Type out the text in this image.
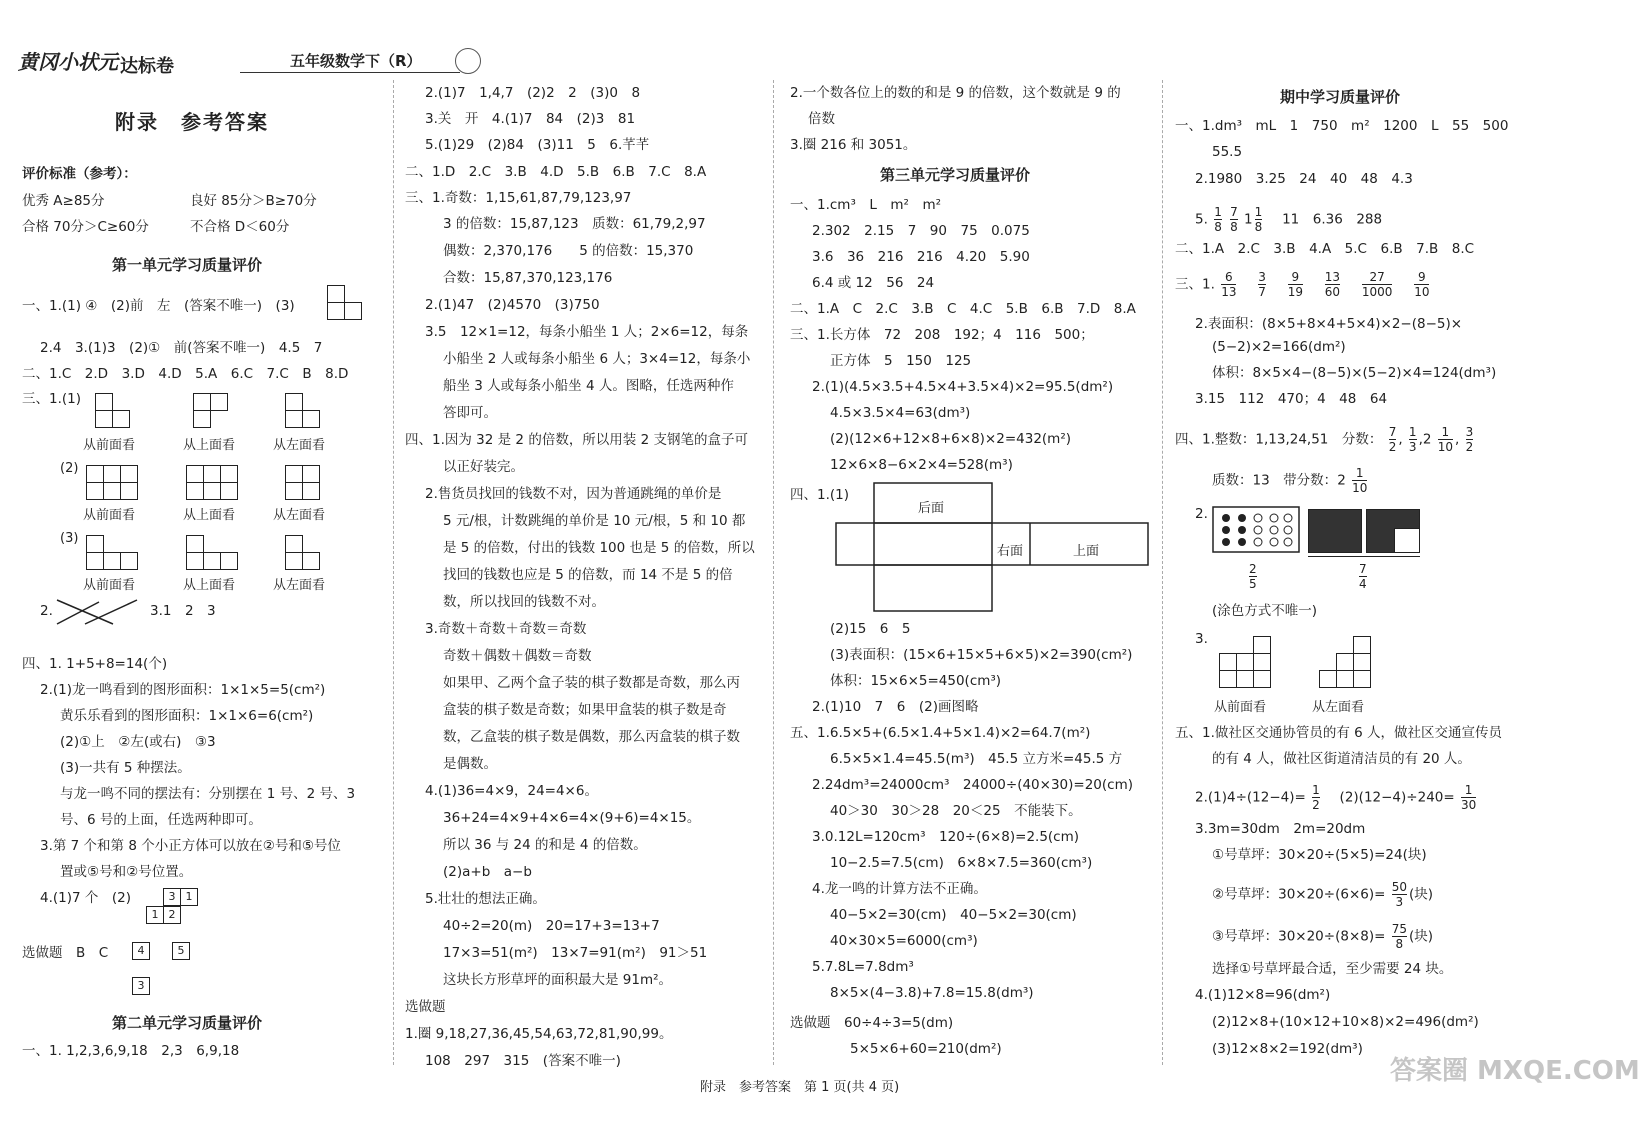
黄冈小状元 达标卷	五年级数学下（R）
附录　参考答案
评价标准（参考）：
优秀 A≥85分	良好 85分＞B≥70分
合格 70分＞C≥60分	不合格 D＜60分
第一单元学习质量评价
一、1.(1) ④　(2)前　左　(答案不唯一)　(3)
2.4　3.(1)3　(2)①　前(答案不唯一)　4.5　7
二、1.C　2.D　3.D　4.D　5.A　6.C　7.C　B　8.D
三、1.(1)
从前面看	从上面看	从左面看
(2)
从前面看	从上面看	从左面看
(3)
从前面看	从上面看	从左面看
2.	3.1　2　3
四、1. 1+5+8=14(个)
2.(1)龙一鸣看到的图形面积：1×1×5=5(cm²)
黄乐乐看到的图形面积：1×1×6=6(cm²)
(2)①上　②左(或右)　③3
(3)一共有 5 种摆法。
与龙一鸣不同的摆法有：分别摆在 1 号、2 号、3
号、6 号的上面，任选两种即可。
3.第 7 个和第 8 个小正方体可以放在②号和⑤号位
置或⑤号和②号位置。
4.(1)7 个　(2)	3 1
1 2
选做题　B　C	4	5
3
第二单元学习质量评价
一、1. 1,2,3,6,9,18　2,3　6,9,18
2.(1)7　1,4,7　(2)2　2　(3)0　8
3.关　开　4.(1)7　84　(2)3　81
5.(1)29　(2)84　(3)11　5　6.芊芊
二、1.D　2.C　3.B　4.D　5.B　6.B　7.C　8.A
三、1.奇数：1,15,61,87,79,123,97
3 的倍数：15,87,123　质数：61,79,2,97
偶数：2,370,176　　5 的倍数：15,370
合数：15,87,370,123,176
2.(1)47　(2)4570　(3)750
3.5　12×1=12，每条小船坐 1 人；2×6=12，每条
小船坐 2 人或每条小船坐 6 人；3×4=12，每条小
船坐 3 人或每条小船坐 4 人。图略，任选两种作
答即可。
四、1.因为 32 是 2 的倍数，所以用装 2 支钢笔的盒子可
以正好装完。
2.售货员找回的钱数不对，因为普通跳绳的单价是
5 元/根，计数跳绳的单价是 10 元/根，5 和 10 都
是 5 的倍数，付出的钱数 100 也是 5 的倍数，所以
找回的钱数也应是 5 的倍数，而 14 不是 5 的倍
数，所以找回的钱数不对。
3.奇数＋奇数＋奇数＝奇数
奇数＋偶数＋偶数＝奇数
如果甲、乙两个盒子装的棋子数都是奇数，那么丙
盒装的棋子数是奇数；如果甲盒装的棋子数是奇
数，乙盒装的棋子数是偶数，那么丙盒装的棋子数
是偶数。
4.(1)36=4×9，24=4×6。
36+24=4×9+4×6=4×(9+6)=4×15。
所以 36 与 24 的和是 4 的倍数。
(2)a+b　a−b
5.壮壮的想法正确。
40÷2=20(m)　20=17+3=13+7
17×3=51(m²)　13×7=91(m²)　91＞51
这块长方形草坪的面积最大是 91m²。
选做题
1.圈 9,18,27,36,45,54,63,72,81,90,99。
108　297　315　(答案不唯一)
2.一个数各位上的数的和是 9 的倍数，这个数就是 9 的
倍数
3.圈 216 和 3051。
第三单元学习质量评价
一、1.cm³　L　m²　m²
2.302　2.15　7　90　75　0.075
3.6　36　216　216　4.20　5.90
6.4 或 12　56　24
二、1.A　C　2.C　3.B　C　4.C　5.B　6.B　7.D　8.A
三、1.长方体　72　208　192；4　116　500；
正方体　5　150　125
2.(1)(4.5×3.5+4.5×4+3.5×4)×2=95.5(dm²)
4.5×3.5×4=63(dm³)
(2)(12×6+12×8+6×8)×2=432(m²)
12×6×8−6×2×4=528(m³)
四、1.(1)
后面
右面	上面
(2)15　6　5
(3)表面积：(15×6+15×5+6×5)×2=390(cm²)
体积：15×6×5=450(cm³)
2.(1)10　7　6　(2)画图略
五、1.6.5×5+(6.5×1.4+5×1.4)×2=64.7(m²)
6.5×5×1.4=45.5(m³)　45.5 立方米=45.5 方
2.24dm³=24000cm³　24000÷(40×30)=20(cm)
40＞30　30＞28　20＜25　不能装下。
3.0.12L=120cm³　120÷(6×8)=2.5(cm)
10−2.5=7.5(cm)　6×8×7.5=360(cm³)
4.龙一鸣的计算方法不正确。
40−5×2=30(cm)　40−5×2=30(cm)
40×30×5=6000(cm³)
5.7.8L=7.8dm³
8×5×(4−3.8)+7.8=15.8(dm³)
选做题　60÷4÷3=5(dm)
5×5×6+60=210(dm²)
期中学习质量评价
一、1.dm³　mL　1　750　m²　1200　L　55　500
55.5
2.1980　3.25　24　40　48　4.3
5. $\frac{1}{8}$
$\frac{7}{8} 1 \frac{1}{8}$ 　11　6.36　288
二、1.A　2.C　3.B　4.A　5.C　6.B　7.B　8.C
三、1. $\frac{6}{13}$
　 $\frac{3}{7}$
　 $\frac{9}{19}$
　 $\frac{13}{60}$
　 $\frac{27}{1000}$
　 $\frac{9}{10}$
2.表面积：(8×5+8×4+5×4)×2−(8−5)×
(5−2)×2=166(dm²)
体积：8×5×4−(8−5)×(5−2)×4=124(dm³)
3.15　112　470；4　48　64
四、1.整数：1,13,24,51　分数： $\frac{7}{2}$ , $\frac{1}{3} ,2 \frac{1}{10}$ , $\frac{3}{2}$
质数：13　带分数：$2 \frac{1}{10}$
2.
$\frac{2}{5}$	$\frac{7}{4}$
(涂色方式不唯一)
3.
从前面看	从左面看
五、1.做社区交通协管员的有 6 人，做社区交通宣传员
的有 4 人，做社区街道清洁员的有 20 人。
$2.(1)4\div(12-4)= \frac{1}{2}$ 　$(2)(12-4)\div 240= \frac{1}{30}$
3.3m=30dm　2m=20dm
①号草坪：30×20÷(5×5)=24(块)
②号草坪：$30\times 20\div(6\times 6)= \frac{50}{3}$ (块)
③号草坪：$30\times 20\div(8\times 8)= \frac{75}{8}$ (块)
选择①号草坪最合适，至少需要 24 块。
4.(1)12×8=96(dm²)
(2)12×8+(10×12+10×8)×2=496(dm²)
(3)12×8×2=192(dm³)
附录　参考答案　第 1 页(共 4 页)
答案圈 MXQE.COM
